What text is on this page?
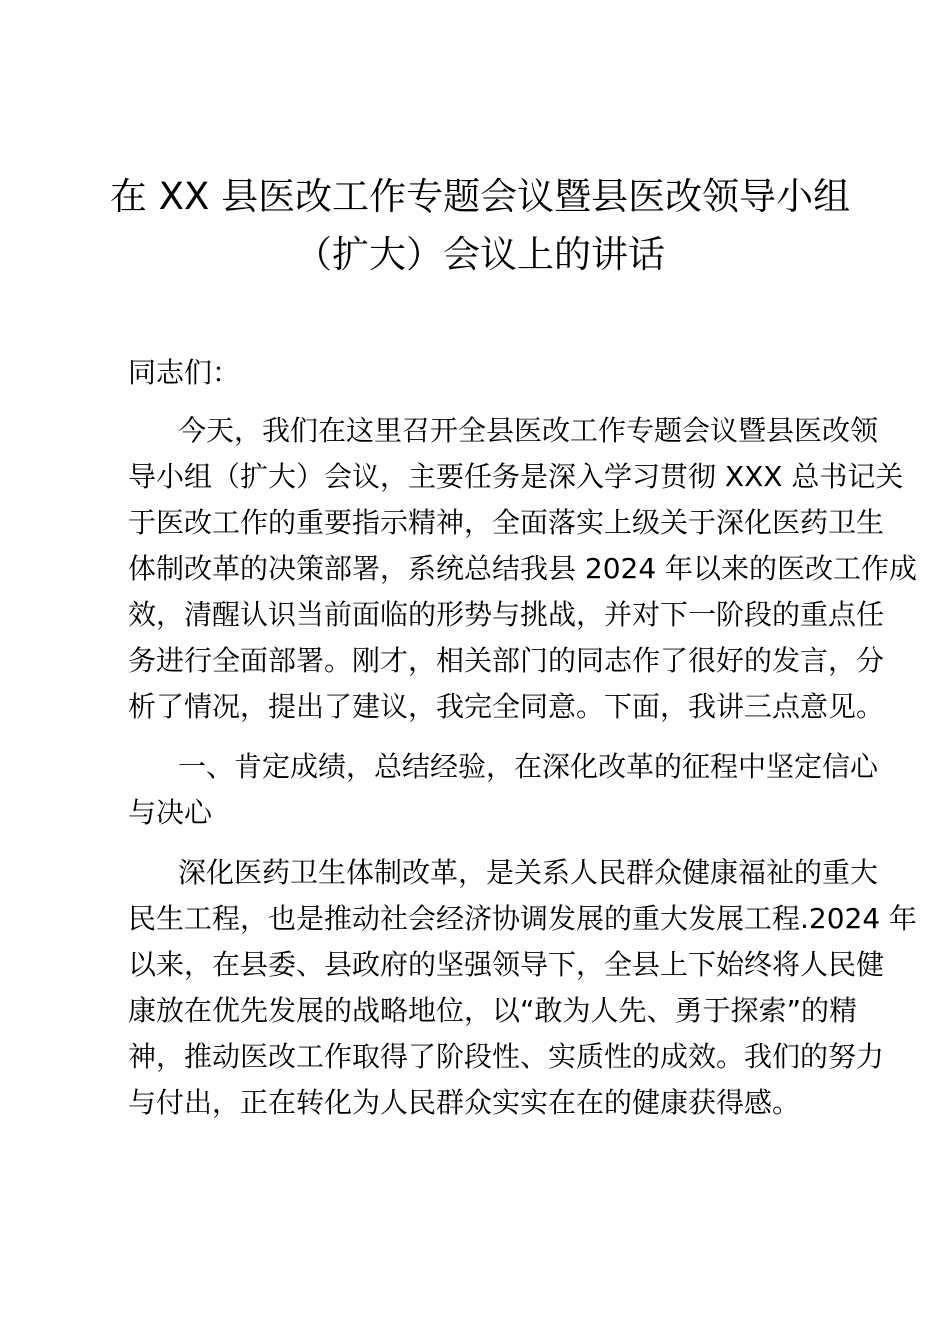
在 XX 县医改工作专题会议暨县医改领导小组
（扩大）会议上的讲话
同志们：
今天，我们在这里召开全县医改工作专题会议暨县医改领
导小组（扩大）会议，主要任务是深入学习贯彻 XXX 总书记关
于医改工作的重要指示精神，全面落实上级关于深化医药卫生
体制改革的决策部署，系统总结我县 2024 年以来的医改工作成
效，清醒认识当前面临的形势与挑战，并对下一阶段的重点任
务进行全面部署。刚才，相关部门的同志作了很好的发言，分
析了情况，提出了建议，我完全同意。下面，我讲三点意见。
一、肯定成绩，总结经验，在深化改革的征程中坚定信心
与决心
深化医药卫生体制改革，是关系人民群众健康福祉的重大
民生工程，也是推动社会经济协调发展的重大发展工程.2024 年
以来，在县委、县政府的坚强领导下，全县上下始终将人民健
康放在优先发展的战略地位，以“敢为人先、勇于探索”的精
神，推动医改工作取得了阶段性、实质性的成效。我们的努力
与付出，正在转化为人民群众实实在在的健康获得感。
